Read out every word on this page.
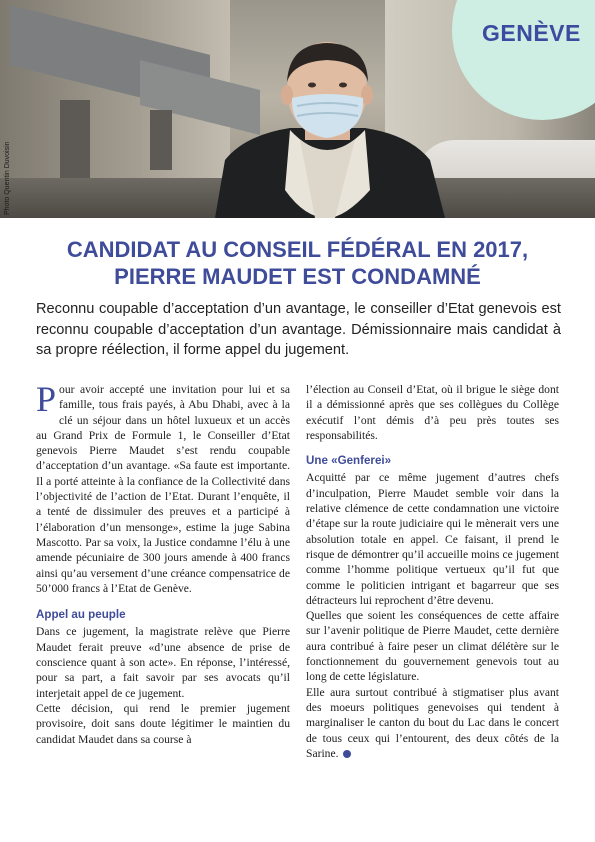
Photo Quentin Duvoisin
GENÈVE
CANDIDAT AU CONSEIL FÉDÉRAL EN 2017,
PIERRE MAUDET EST CONDAMNÉ
Reconnu coupable d’acceptation d’un avantage, le conseiller d’Etat genevois est reconnu coupable d’acceptation d’un avantage. Démissionnaire mais candidat à sa propre réélection, il forme appel du jugement.

Pour avoir accepté une invitation pour lui et sa famille, tous frais payés, à Abu Dhabi, avec à la clé un séjour dans un hôtel luxueux et un accès au Grand Prix de Formule 1, le Conseiller d’Etat genevois Pierre Maudet s’est rendu coupable d’acceptation d’un avantage. «Sa faute est importante. Il a porté atteinte à la confiance de la Collectivité dans l’objectivité de l’action de l’Etat. Durant l’enquête, il a tenté de dissimuler des preuves et a participé à l’élaboration d’un mensonge», estime la juge Sabina Mascotto. Par sa voix, la Justice condamne l’élu à une amende pécuniaire de 300 jours amende à 400 francs ainsi qu’au versement d’une créance compensatrice de 50’000 francs à l’Etat de Genève.

Appel au peuple

Dans ce jugement, la magistrate relève que Pierre Maudet ferait preuve «d’une absence de prise de conscience quant à son acte». En réponse, l’intéressé, pour sa part, a fait savoir par ses avocats qu’il interjetait appel de ce jugement.

Cette décision, qui rend le premier jugement provisoire, doit sans doute légitimer le maintien du candidat Maudet dans sa course à

l’élection au Conseil d’Etat, où il brigue le siège dont il a démissionné après que ses collègues du Collège exécutif l’ont démis d’à peu près toutes ses responsabilités.

Une «Genferei»

Acquitté par ce même jugement d’autres chefs d’inculpation, Pierre Maudet semble voir dans la relative clémence de cette condamnation une victoire d’étape sur la route judiciaire qui le mènerait vers une absolution totale en appel. Ce faisant, il prend le risque de démontrer qu’il accueille moins ce jugement comme l’homme politique vertueux qu’il fut que comme le politicien intrigant et bagarreur que ses détracteurs lui reprochent d’être devenu.

Quelles que soient les conséquences de cette affaire sur l’avenir politique de Pierre Maudet, cette dernière aura contribué à faire peser un climat délétère sur le fonctionnement du gouvernement genevois tout au long de cette législature.

Elle aura surtout contribué à stigmatiser plus avant des moeurs politiques genevoises qui tendent à marginaliser le canton du bout du Lac dans le concert de tous ceux qui l’entourent, des deux côtés de la Sarine.
